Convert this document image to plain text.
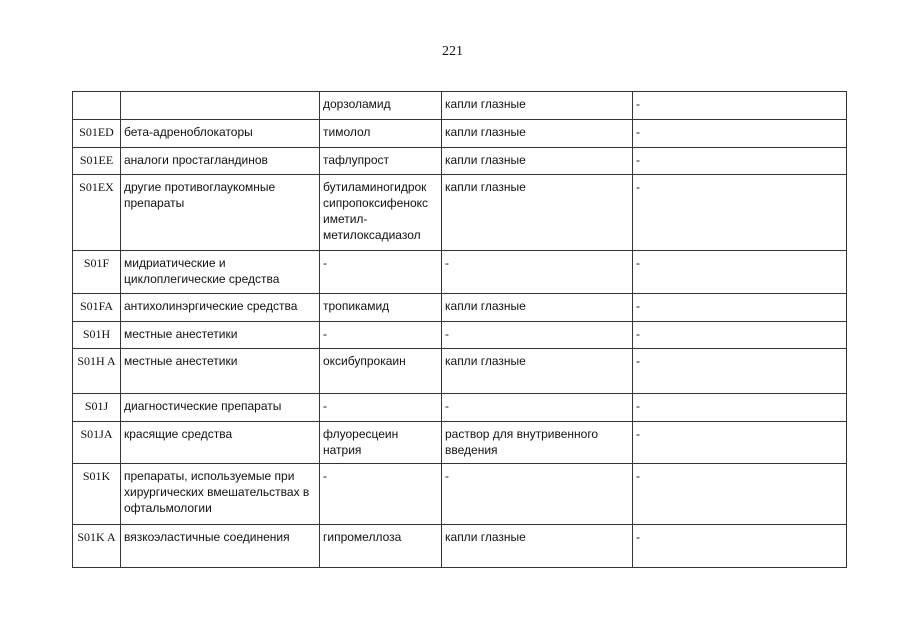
221
		дорзоламид	капли глазные	-
S01ED	бета-адреноблокаторы	тимолол	капли глазные	-
S01EE	аналоги простагландинов	тафлупрост	капли глазные	-
S01EX	другие противоглаукомные препараты	бутиламиногидрок сипропоксифенокс иметил-метилоксадиазол	капли глазные	-
S01F	мидриатические и циклоплегические средства	-	-	-
S01FA	антихолинэргические средства	тропикамид	капли глазные	-
S01H	местные анестетики	-	-	-
S01H A	местные анестетики	оксибупрокаин	капли глазные	-
S01J	диагностические препараты	-	-	-
S01JA	красящие средства	флуоресцеин натрия	раствор для внутривенного введения	-
S01K	препараты, используемые при хирургических вмешательствах в офтальмологии	-	-	-
S01K A	вязкоэластичные соединения	гипромеллоза	капли глазные	-
